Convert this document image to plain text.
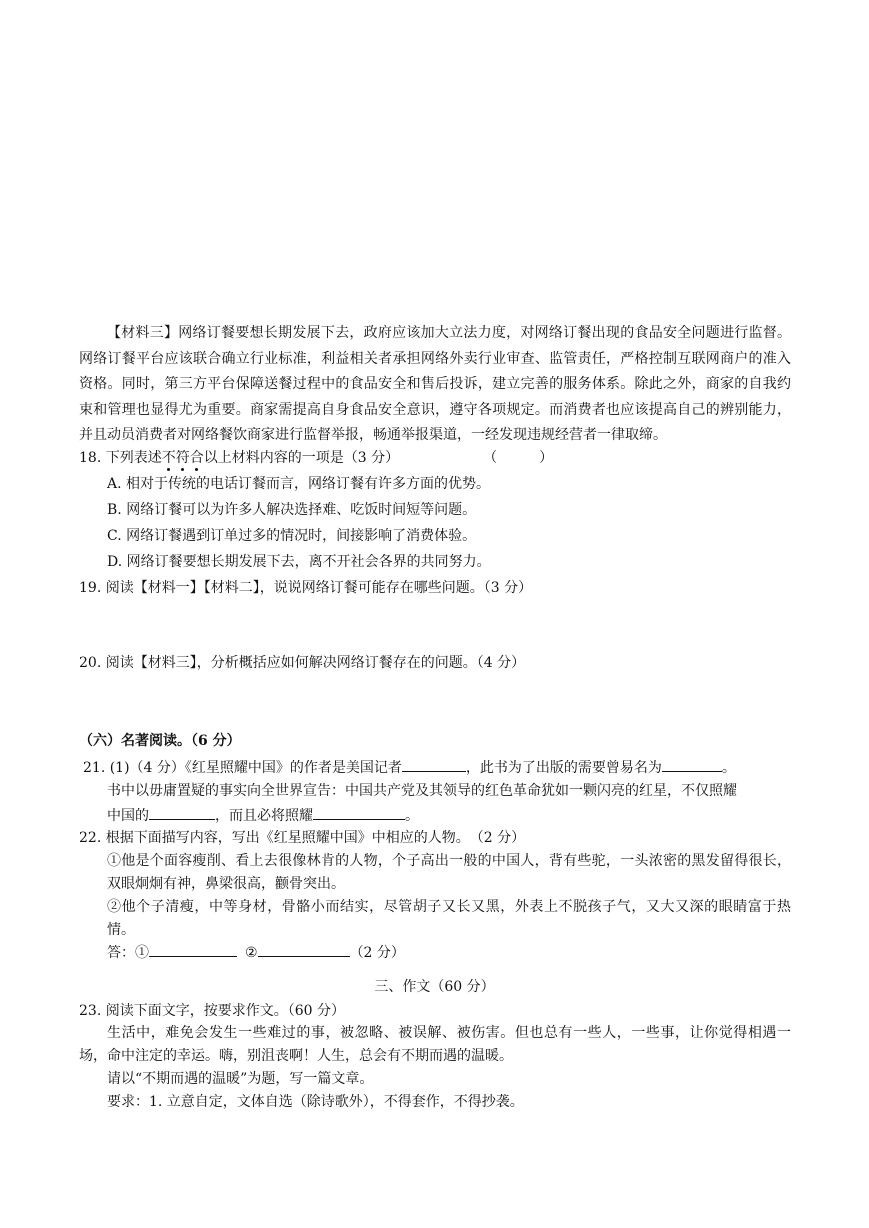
【材料三】网络订餐要想长期发展下去，政府应该加大立法力度，对网络订餐出现的食品安全问题进行监督。网络订餐平台应该联合确立行业标准，利益相关者承担网络外卖行业审查、监管责任，严格控制互联网商户的准入资格。同时，第三方平台保障送餐过程中的食品安全和售后投诉，建立完善的服务体系。除此之外，商家的自我约束和管理也显得尤为重要。商家需提高自身食品安全意识，遵守各项规定。而消费者也应该提高自己的辨别能力，并且动员消费者对网络餐饮商家进行监督举报，畅通举报渠道，一经发现违规经营者一律取缔。

18. 下列表述不符合以上材料内容的一项是（3 分）	（　　　）

A. 相对于传统的电话订餐而言，网络订餐有许多方面的优势。

B. 网络订餐可以为许多人解决选择难、吃饭时间短等问题。

C. 网络订餐遇到订单过多的情况时，间接影响了消费体验。

D. 网络订餐要想长期发展下去，离不开社会各界的共同努力。

19. 阅读【材料一】【材料二】，说说网络订餐可能存在哪些问题。（3 分）

20. 阅读【材料三】，分析概括应如何解决网络订餐存在的问题。（4 分）

（六）名著阅读。（6 分）

21. (1)（4 分）《红星照耀中国》的作者是美国记者	，此书为了出版的需要曾易名为	。

书中以毋庸置疑的事实向全世界宣告：中国共产党及其领导的红色革命犹如一颗闪亮的红星，不仅照耀

中国的	，而且必将照耀	。

22. 根据下面描写内容，写出《红星照耀中国》中相应的人物。　（2 分）

①他是个面容瘦削、看上去很像林肯的人物，个子高出一般的中国人，背有些驼，一头浓密的黑发留得很长，双眼炯炯有神，鼻梁很高，颧骨突出。

②他个子清瘦，中等身材，骨骼小而结实，尽管胡子又长又黑，外表上不脱孩子气，又大又深的眼睛富于热情。

答：①	②	（2 分）

三、作文（60 分）

23. 阅读下面文字，按要求作文。（60 分）

生活中，难免会发生一些难过的事，被忽略、被误解、被伤害。但也总有一些人，一些事，让你觉得相遇一场，命中注定的幸运。嗨，别沮丧啊！人生，总会有不期而遇的温暖。

请以“不期而遇的温暖”为题，写一篇文章。

要求：1. 立意自定，文体自选（除诗歌外），不得套作，不得抄袭。
